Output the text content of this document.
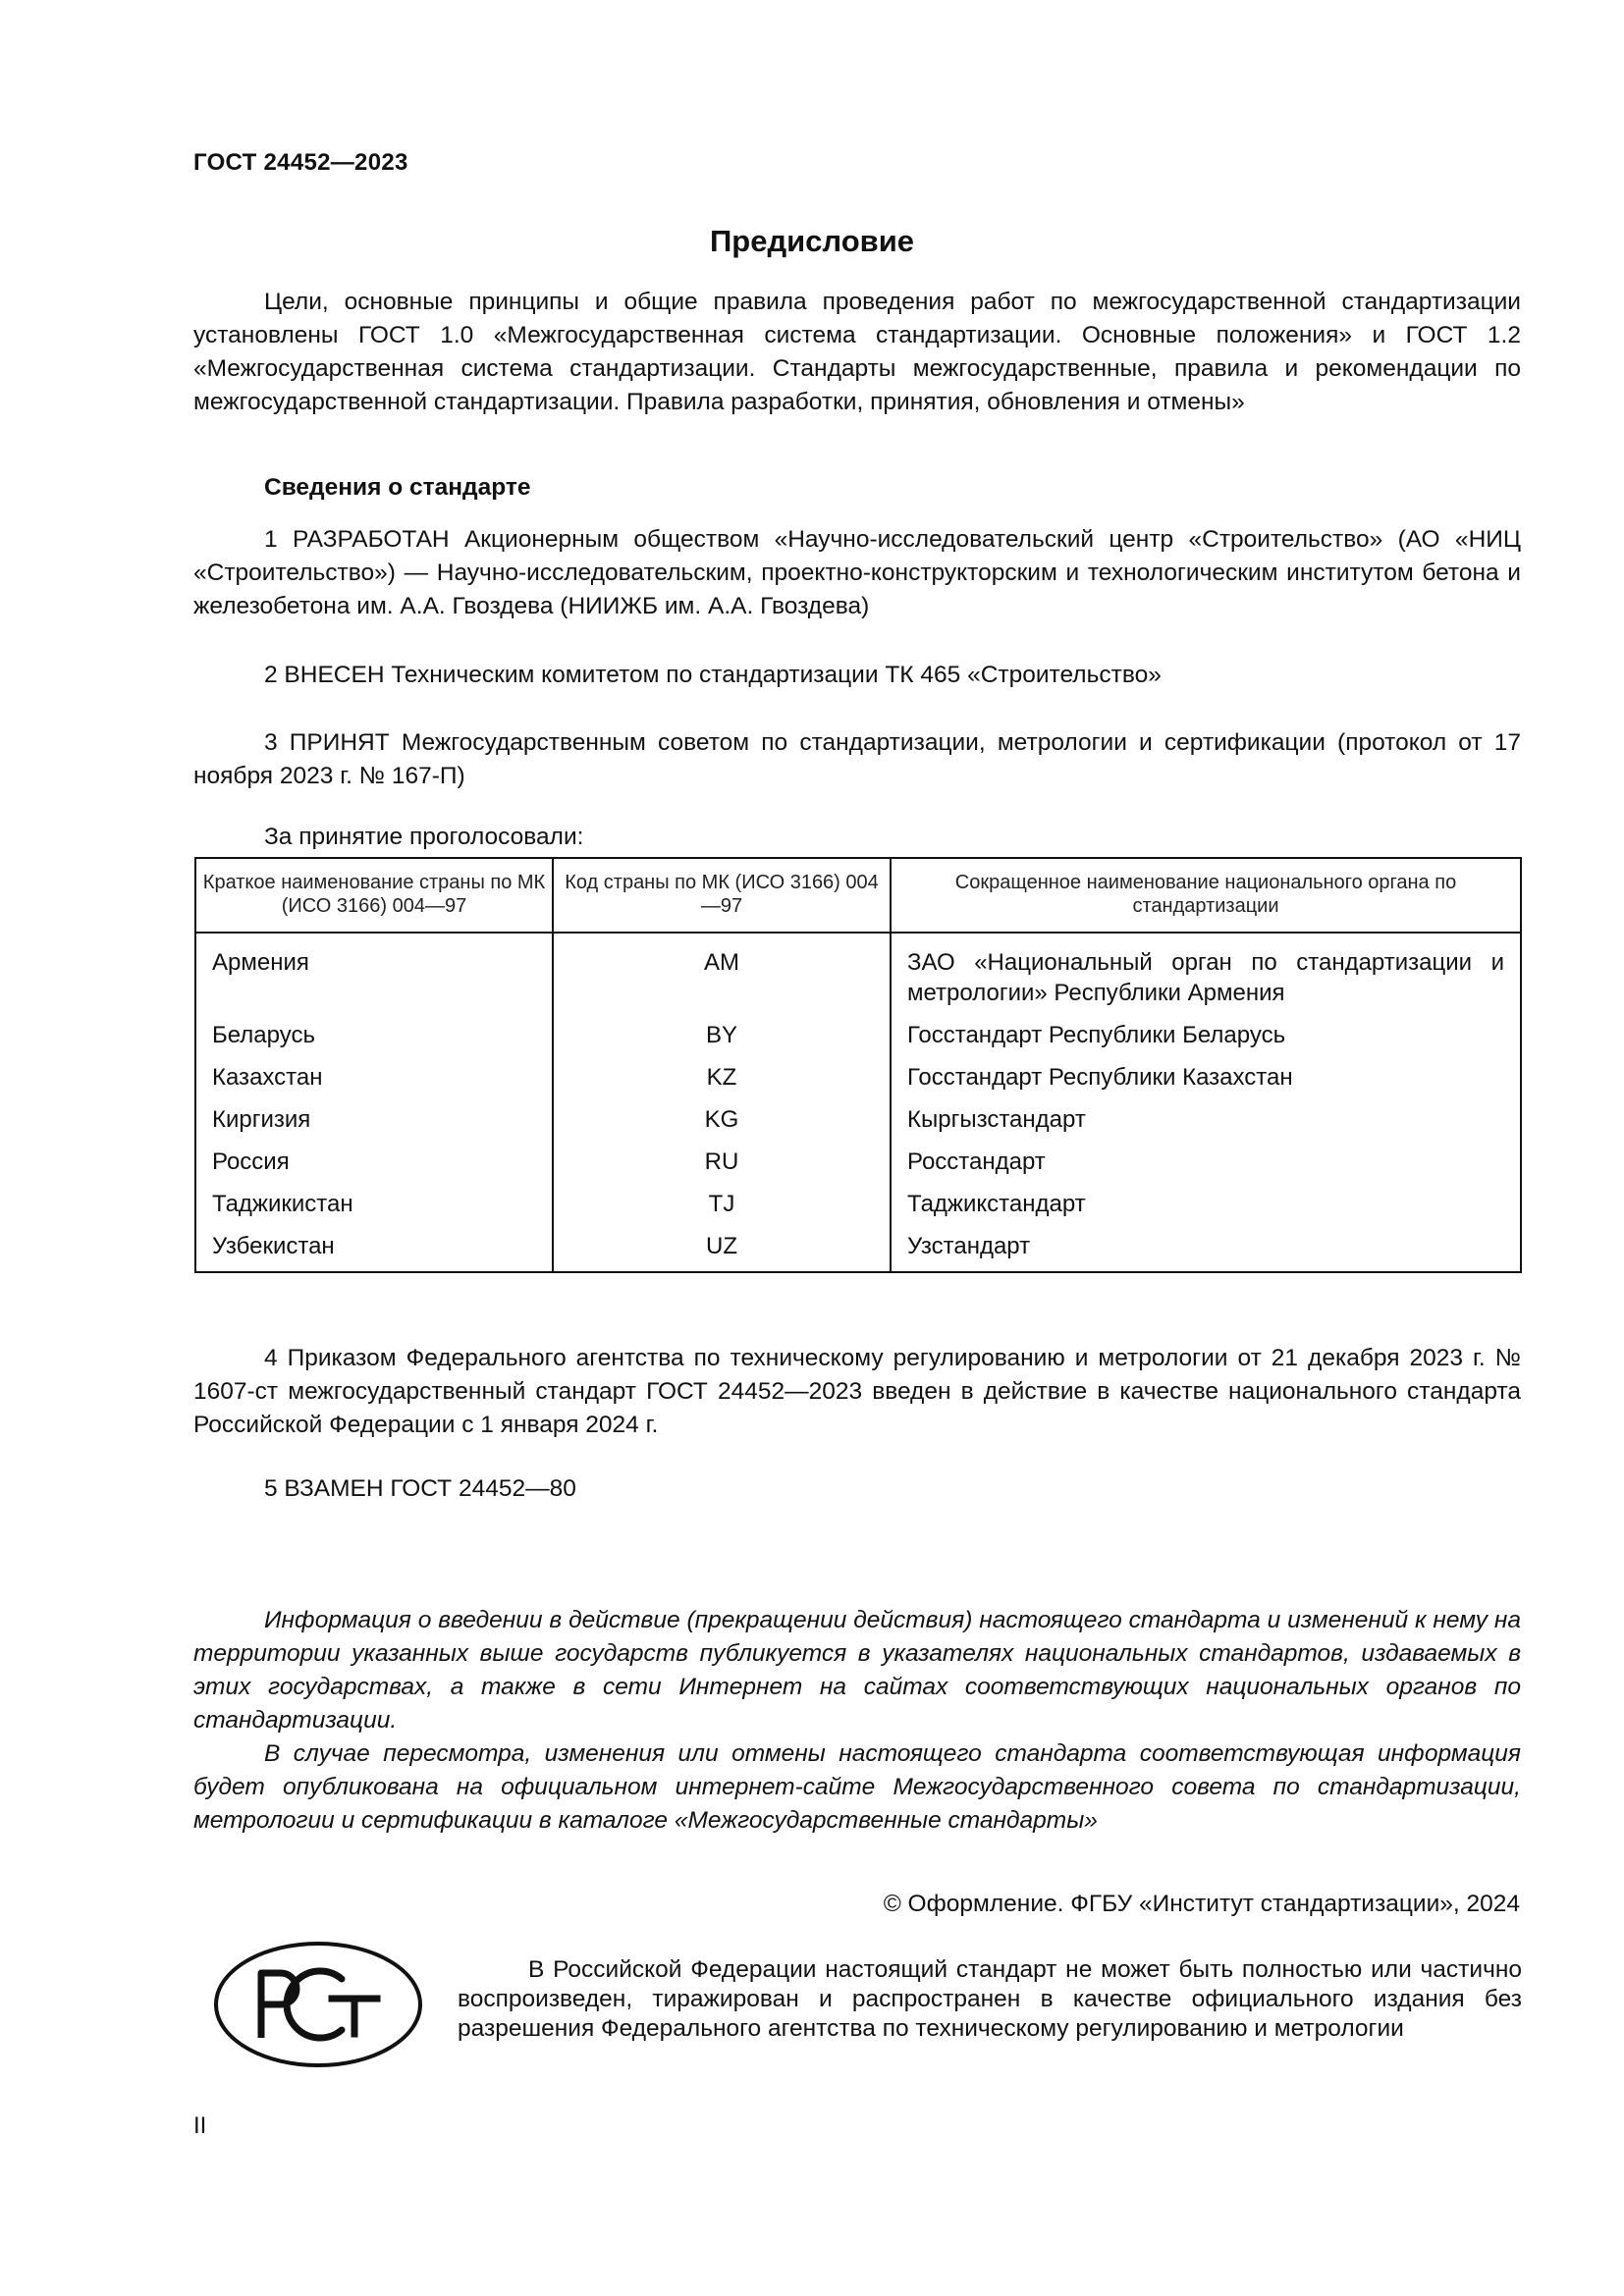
ГОСТ 24452—2023
Предисловие
Цели, основные принципы и общие правила проведения работ по межгосударственной стандартизации установлены ГОСТ 1.0 «Межгосударственная система стандартизации. Основные положения» и ГОСТ 1.2 «Межгосударственная система стандартизации. Стандарты межгосударственные, правила и рекомендации по межгосударственной стандартизации. Правила разработки, принятия, обновления и отмены»
Сведения о стандарте
1 РАЗРАБОТАН Акционерным обществом «Научно-исследовательский центр «Строительство» (АО «НИЦ «Строительство») — Научно-исследовательским, проектно-конструкторским и технологическим институтом бетона и железобетона им. А.А. Гвоздева (НИИЖБ им. А.А. Гвоздева)
2 ВНЕСЕН Техническим комитетом по стандартизации ТК 465 «Строительство»
3 ПРИНЯТ Межгосударственным советом по стандартизации, метрологии и сертификации (протокол от 17 ноября 2023 г. № 167-П)
За принятие проголосовали:
Краткое наименование страны по МК (ИСО 3166) 004—97	Код страны по МК (ИСО 3166) 004—97	Сокращенное наименование национального органа по стандартизации
Армения	AM	ЗАО «Национальный орган по стандартизации и метрологии» Республики Армения
Беларусь	BY	Госстандарт Республики Беларусь
Казахстан	KZ	Госстандарт Республики Казахстан
Киргизия	KG	Кыргызстандарт
Россия	RU	Росстандарт
Таджикистан	TJ	Таджикстандарт
Узбекистан	UZ	Узстандарт
4 Приказом Федерального агентства по техническому регулированию и метрологии от 21 декабря 2023 г. № 1607-ст межгосударственный стандарт ГОСТ 24452—2023 введен в действие в качестве национального стандарта Российской Федерации с 1 января 2024 г.
5 ВЗАМЕН ГОСТ 24452—80
Информация о введении в действие (прекращении действия) настоящего стандарта и изменений к нему на территории указанных выше государств публикуется в указателях национальных стандартов, издаваемых в этих государствах, а также в сети Интернет на сайтах соответствующих национальных органов по стандартизации.
В случае пересмотра, изменения или отмены настоящего стандарта соответствующая информация будет опубликована на официальном интернет-сайте Межгосударственного совета по стандартизации, метрологии и сертификации в каталоге «Межгосударственные стандарты»
© Оформление. ФГБУ «Институт стандартизации», 2024
В Российской Федерации настоящий стандарт не может быть полностью или частично воспроизведен, тиражирован и распространен в качестве официального издания без разрешения Федерального агентства по техническому регулированию и метрологии
II
